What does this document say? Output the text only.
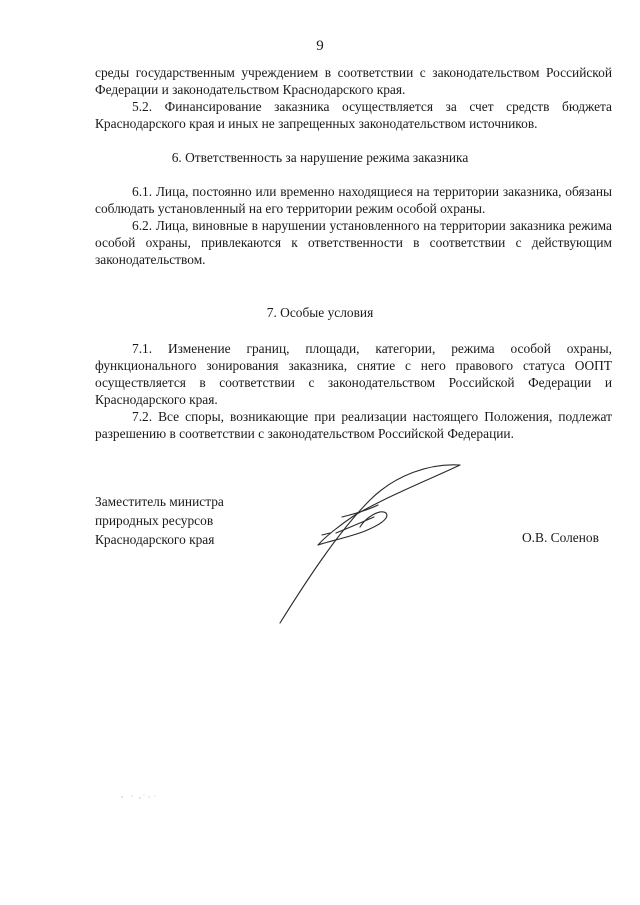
9

среды государственным учреждением в соответствии с законодательством Российской Федерации и законодательством Краснодарского края.

5.2. Финансирование заказника осуществляется за счет средств бюджета Краснодарского края и иных не запрещенных законодательством источников.

6. Ответственность за нарушение режима заказника

6.1. Лица, постоянно или временно находящиеся на территории заказника, обязаны соблюдать установленный на его территории режим особой охраны.

6.2. Лица, виновные в нарушении установленного на территории заказника режима особой охраны, привлекаются к ответственности в соответствии с действующим законодательством.

7. Особые условия

7.1. Изменение границ, площади, категории, режима особой охраны, функционального зонирования заказника, снятие с него правового статуса ООПТ осуществляется в соответствии с законодательством Российской Федерации и Краснодарского края.

7.2. Все споры, возникающие при реализации настоящего Положения, подлежат разрешению в соответствии с законодательством Российской Федерации.

Заместитель министра
природных ресурсов
Краснодарского края	О.В. Соленов
